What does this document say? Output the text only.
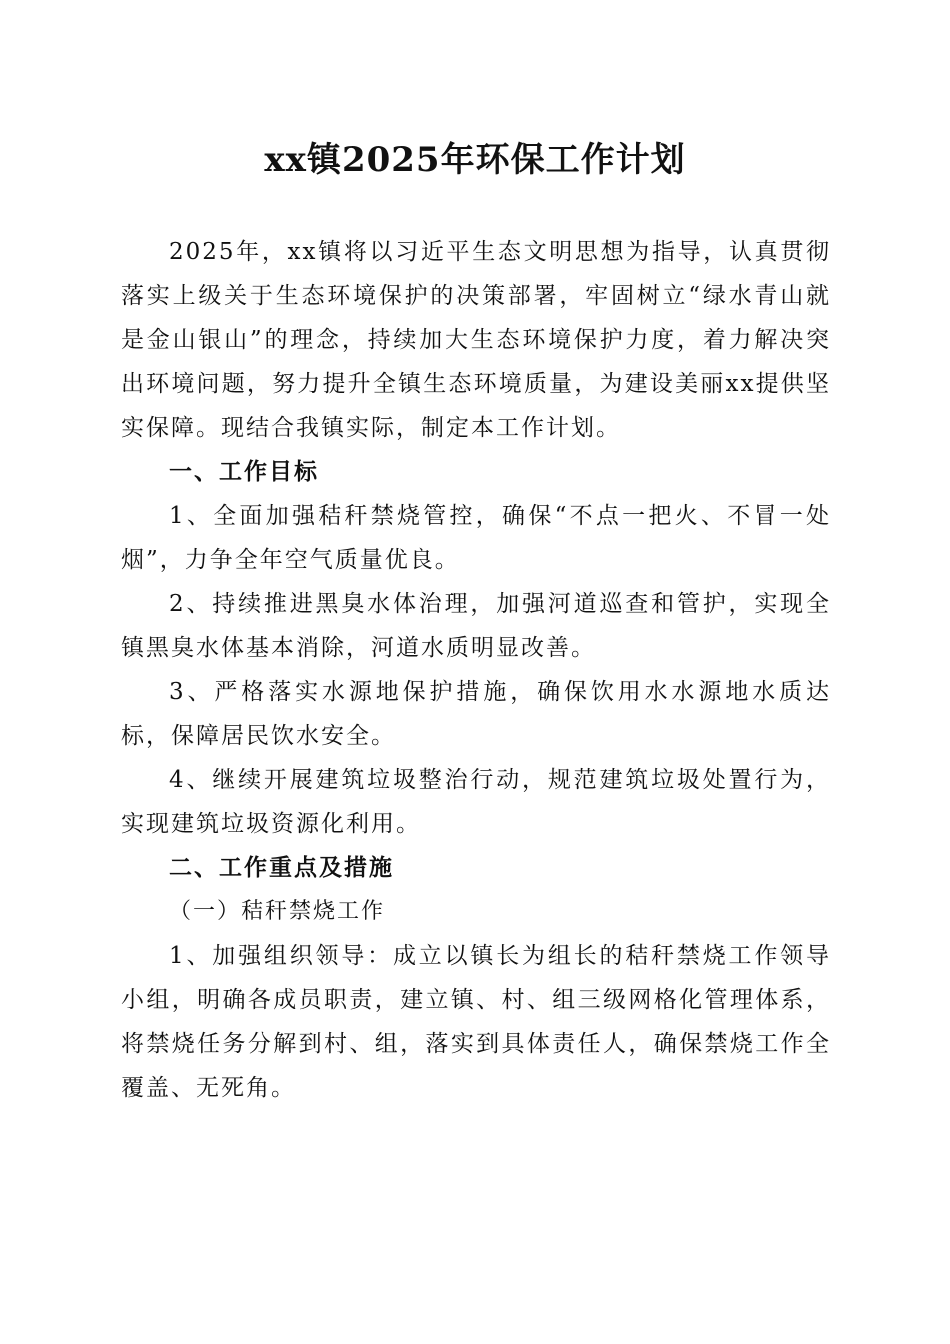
xx镇2025年环保工作计划

2025年，xx镇将以习近平生态文明思想为指导，认真贯彻落实上级关于生态环境保护的决策部署，牢固树立“绿水青山就是金山银山”的理念，持续加大生态环境保护力度，着力解决突出环境问题，努力提升全镇生态环境质量，为建设美丽xx提供坚实保障。现结合我镇实际，制定本工作计划。

一、工作目标

1、全面加强秸秆禁烧管控，确保“不点一把火、不冒一处烟”，力争全年空气质量优良。

2、持续推进黑臭水体治理，加强河道巡查和管护，实现全镇黑臭水体基本消除，河道水质明显改善。

3、严格落实水源地保护措施，确保饮用水水源地水质达标，保障居民饮水安全。

4、继续开展建筑垃圾整治行动，规范建筑垃圾处置行为，实现建筑垃圾资源化利用。

二、工作重点及措施
（一）秸秆禁烧工作

1、加强组织领导：成立以镇长为组长的秸秆禁烧工作领导小组，明确各成员职责，建立镇、村、组三级网格化管理体系，将禁烧任务分解到村、组，落实到具体责任人，确保禁烧工作全覆盖、无死角。
